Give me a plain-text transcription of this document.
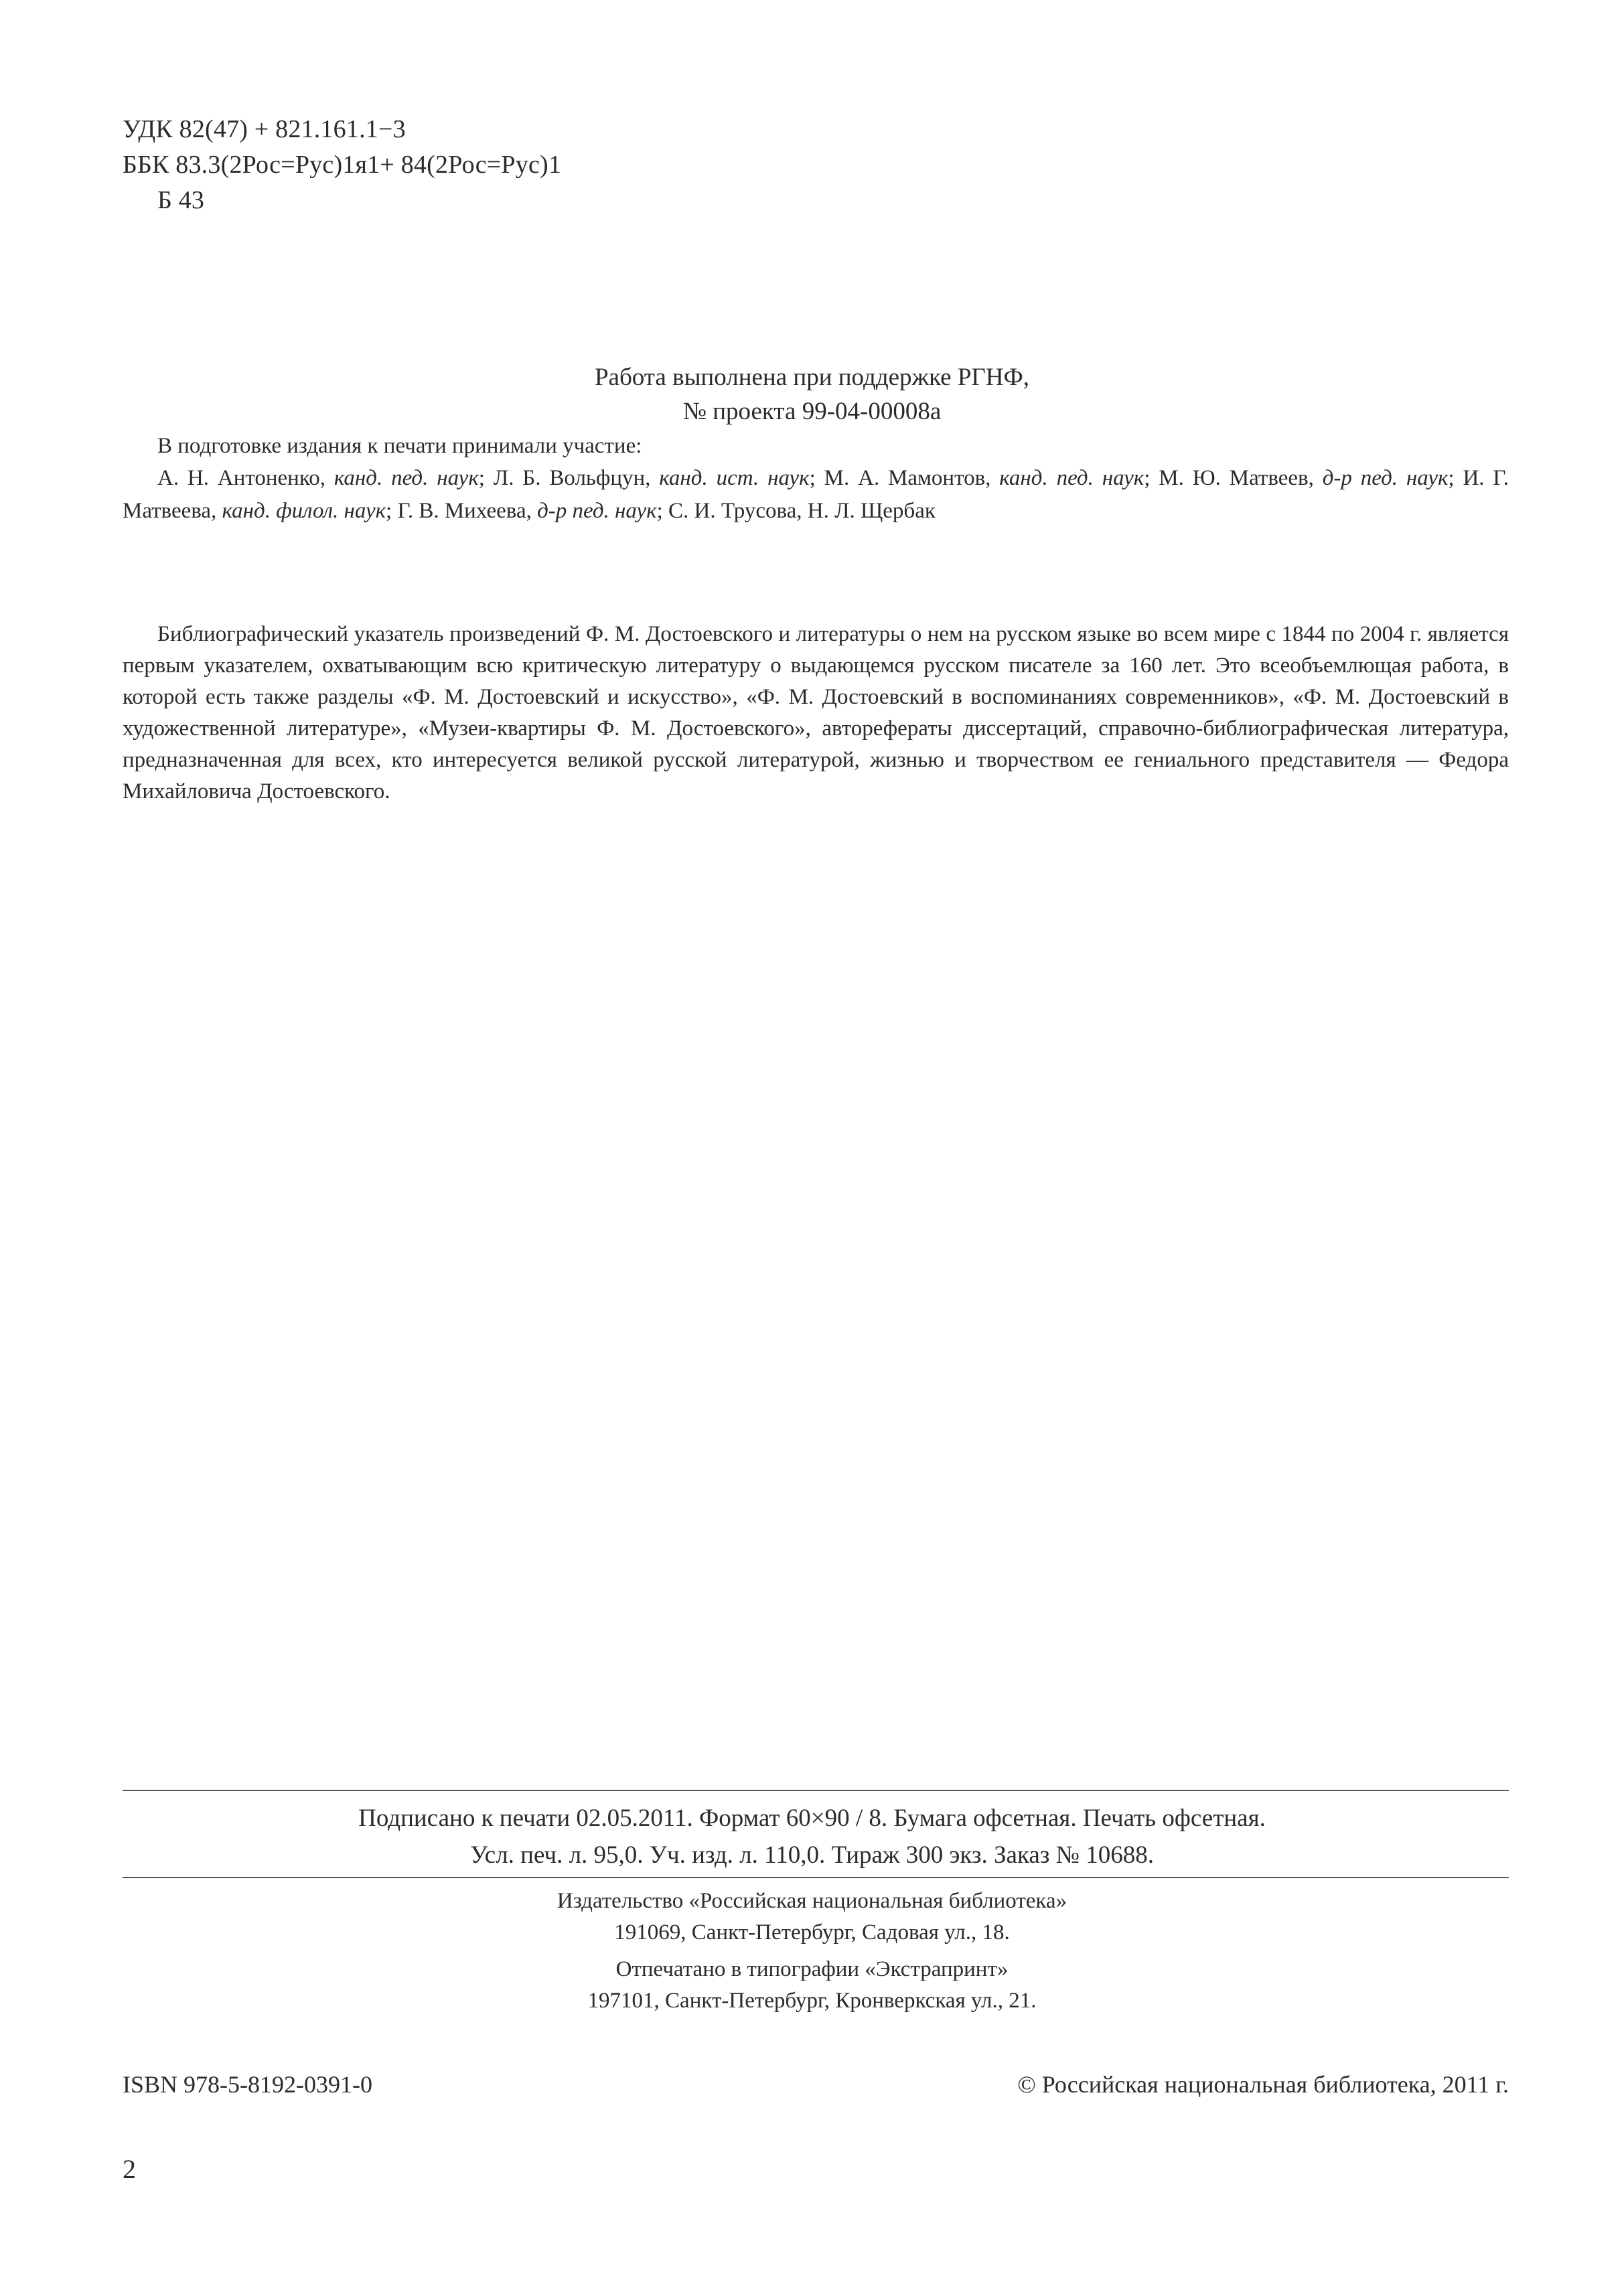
УДК 82(47) + 821.161.1−3
ББК 83.3(2Рос=Рус)1я1+ 84(2Рос=Рус)1
Б 43
Работа выполнена при поддержке РГНФ,
№ проекта 99-04-00008а
В подготовке издания к печати принимали участие:
А. Н. Антоненко, канд. пед. наук; Л. Б. Вольфцун, канд. ист. наук; М. А. Мамонтов, канд. пед. наук; М. Ю. Матвеев, д-р пед. наук; И. Г. Матвеева, канд. филол. наук; Г. В. Михеева, д-р пед. наук; С. И. Трусова, Н. Л. Щербак
Библиографический указатель произведений Ф. М. Достоевского и литературы о нем на русском языке во всем мире с 1844 по 2004 г. является первым указателем, охватывающим всю критическую литературу о выдающемся русском писателе за 160 лет. Это всеобъемлющая работа, в которой есть также разделы «Ф. М. Достоевский и искусство», «Ф. М. Достоевский в воспоминаниях современников», «Ф. М. Достоевский в художественной литературе», «Музеи-квартиры Ф. М. Достоевского», авторефераты диссертаций, справочно-библиографическая литература, предназначенная для всех, кто интересуется великой русской литературой, жизнью и творчеством ее гениального представителя — Федора Михайловича Достоевского.
Подписано к печати 02.05.2011. Формат 60×90 / 8. Бумага офсетная. Печать офсетная.
Усл. печ. л. 95,0. Уч. изд. л. 110,0. Тираж 300 экз. Заказ № 10688.
Издательство «Российская национальная библиотека»
191069, Санкт-Петербург, Садовая ул., 18.
Отпечатано в типографии «Экстрапринт»
197101, Санкт-Петербург, Кронверкская ул., 21.
ISBN 978-5-8192-0391-0	© Российская национальная библиотека, 2011 г.
2
